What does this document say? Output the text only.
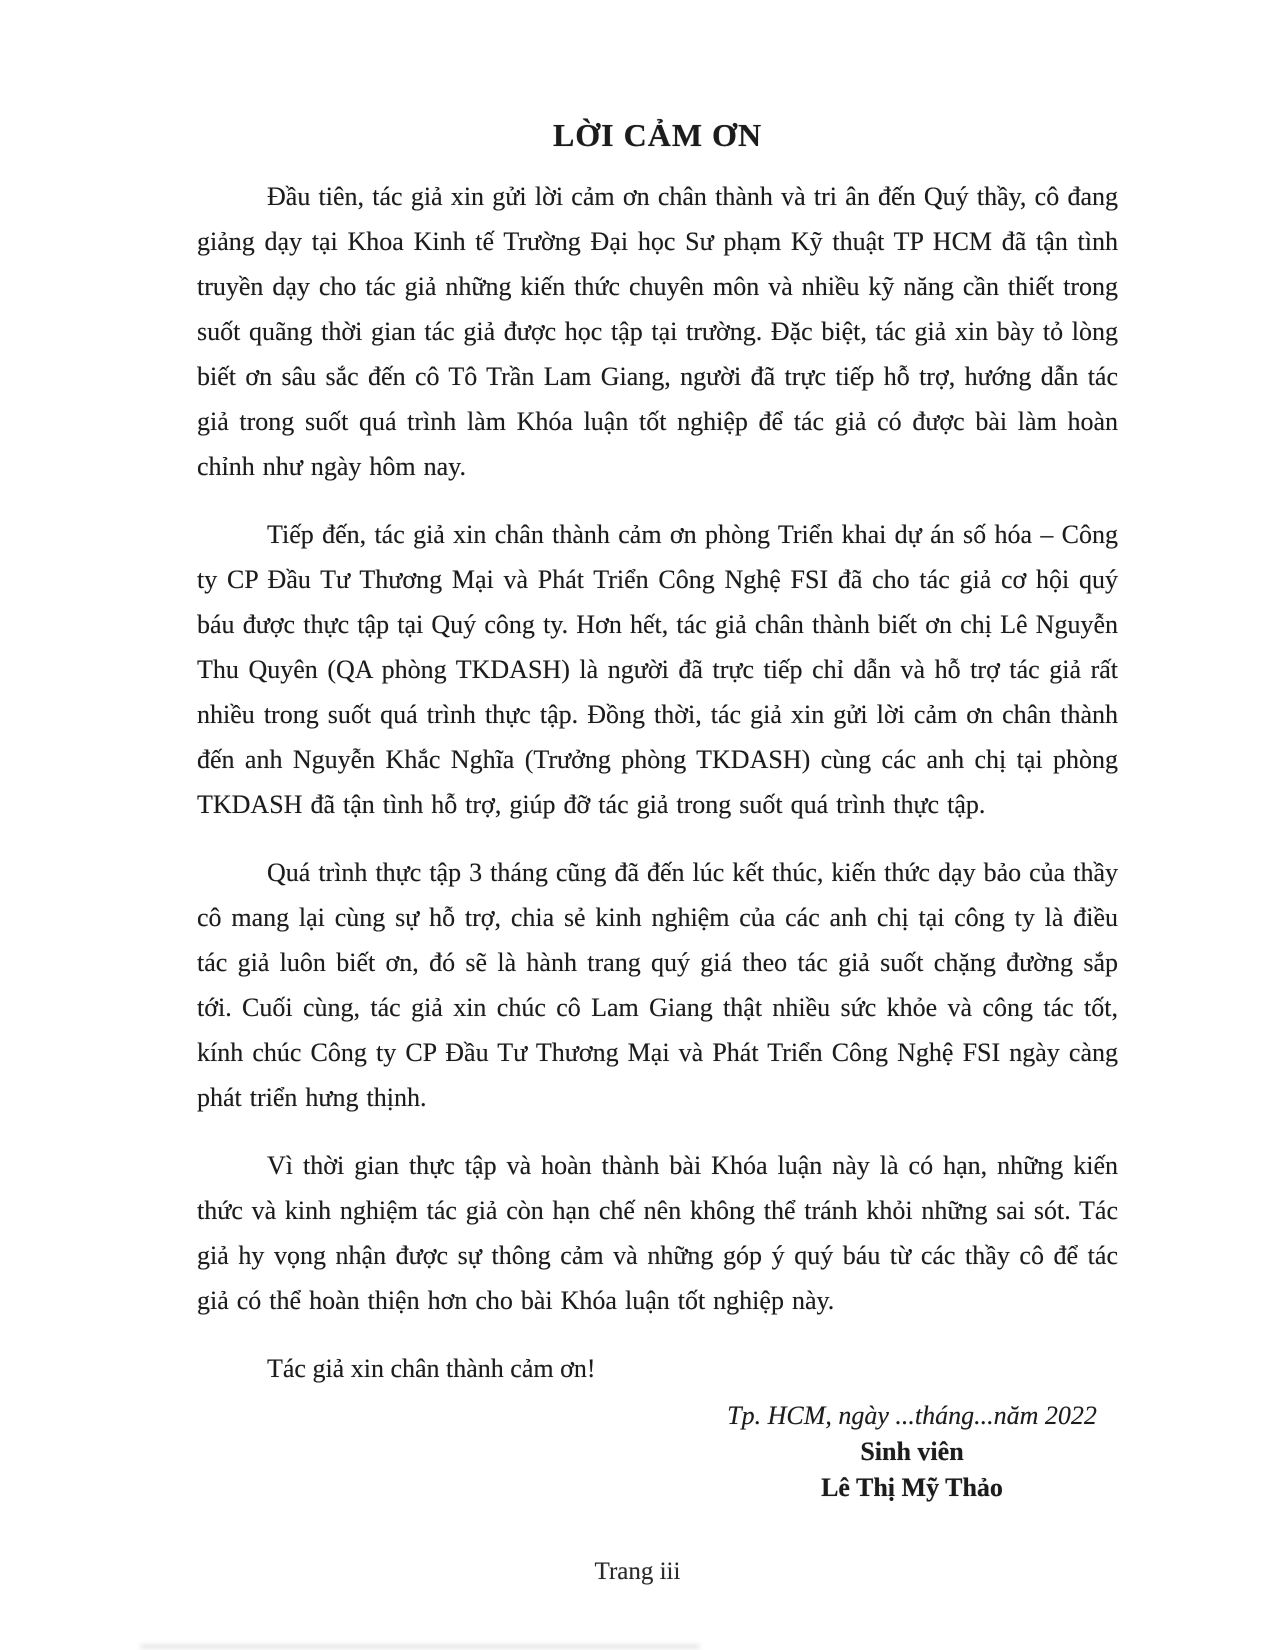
LỜI CẢM ƠN

Đầu tiên, tác giả xin gửi lời cảm ơn chân thành và tri ân đến Quý thầy, cô đang giảng dạy tại Khoa Kinh tế Trường Đại học Sư phạm Kỹ thuật TP HCM đã tận tình truyền dạy cho tác giả những kiến thức chuyên môn và nhiều kỹ năng cần thiết trong suốt quãng thời gian tác giả được học tập tại trường. Đặc biệt, tác giả xin bày tỏ lòng biết ơn sâu sắc đến cô Tô Trần Lam Giang, người đã trực tiếp hỗ trợ, hướng dẫn tác giả trong suốt quá trình làm Khóa luận tốt nghiệp để tác giả có được bài làm hoàn chỉnh như ngày hôm nay.

Tiếp đến, tác giả xin chân thành cảm ơn phòng Triển khai dự án số hóa – Công ty CP Đầu Tư Thương Mại và Phát Triển Công Nghệ FSI đã cho tác giả cơ hội quý báu được thực tập tại Quý công ty. Hơn hết, tác giả chân thành biết ơn chị Lê Nguyễn Thu Quyên (QA phòng TKDASH) là người đã trực tiếp chỉ dẫn và hỗ trợ tác giả rất nhiều trong suốt quá trình thực tập. Đồng thời, tác giả xin gửi lời cảm ơn chân thành đến anh Nguyễn Khắc Nghĩa (Trưởng phòng TKDASH) cùng các anh chị tại phòng TKDASH đã tận tình hỗ trợ, giúp đỡ tác giả trong suốt quá trình thực tập.

Quá trình thực tập 3 tháng cũng đã đến lúc kết thúc, kiến thức dạy bảo của thầy cô mang lại cùng sự hỗ trợ, chia sẻ kinh nghiệm của các anh chị tại công ty là điều tác giả luôn biết ơn, đó sẽ là hành trang quý giá theo tác giả suốt chặng đường sắp tới. Cuối cùng, tác giả xin chúc cô Lam Giang thật nhiều sức khỏe và công tác tốt, kính chúc Công ty CP Đầu Tư Thương Mại và Phát Triển Công Nghệ FSI ngày càng phát triển hưng thịnh.

Vì thời gian thực tập và hoàn thành bài Khóa luận này là có hạn, những kiến thức và kinh nghiệm tác giả còn hạn chế nên không thể tránh khỏi những sai sót. Tác giả hy vọng nhận được sự thông cảm và những góp ý quý báu từ các thầy cô để tác giả có thể hoàn thiện hơn cho bài Khóa luận tốt nghiệp này.

Tác giả xin chân thành cảm ơn!

Tp. HCM, ngày ...tháng...năm 2022
Sinh viên
Lê Thị Mỹ Thảo
Trang iii
